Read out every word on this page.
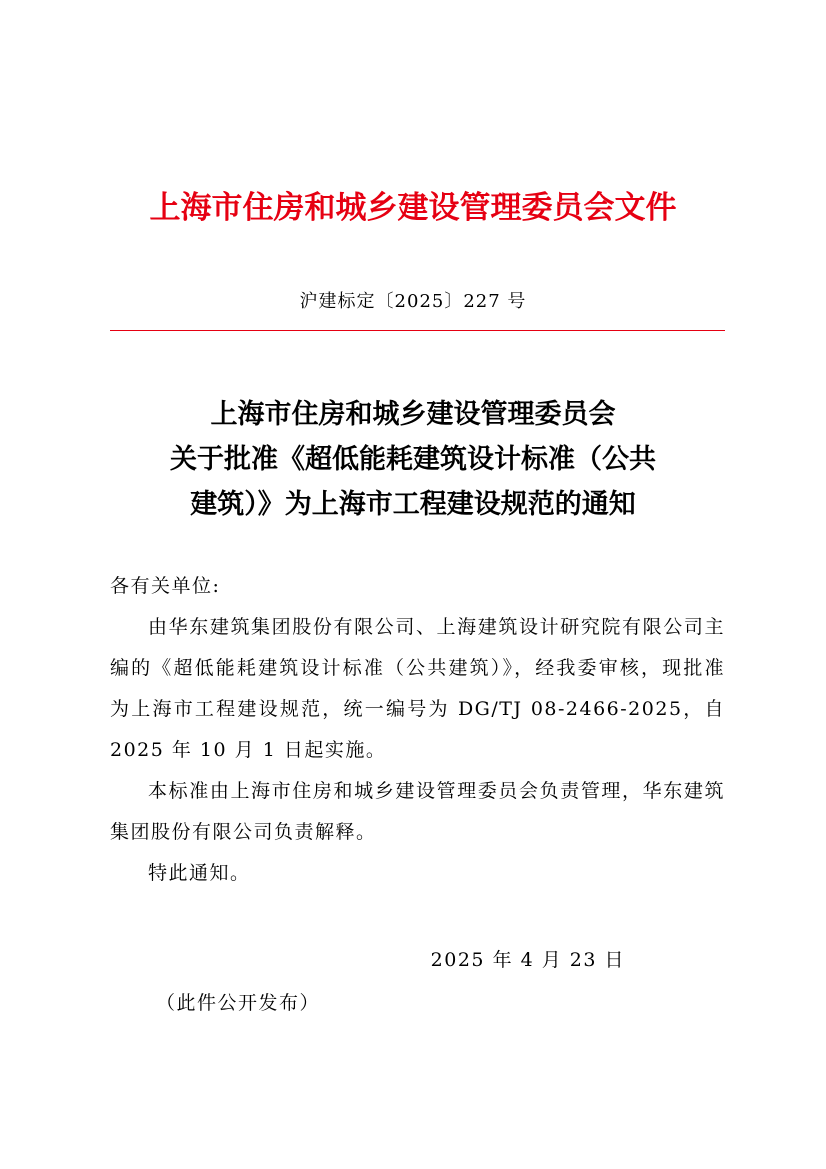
上海市住房和城乡建设管理委员会文件
沪建标定〔2025〕227 号
上海市住房和城乡建设管理委员会
关于批准《超低能耗建筑设计标准（公共
建筑）》为上海市工程建设规范的通知

各有关单位:

由华东建筑集团股份有限公司、上海建筑设计研究院有限公司主编的《超低能耗建筑设计标准（公共建筑）》，经我委审核，现批准为上海市工程建设规范，统一编号为 DG/TJ 08-2466-2025，自 2025 年 10 月 1 日起实施。

本标准由上海市住房和城乡建设管理委员会负责管理，华东建筑集团股份有限公司负责解释。

特此通知。

2025 年 4 月 23 日
（此件公开发布）
